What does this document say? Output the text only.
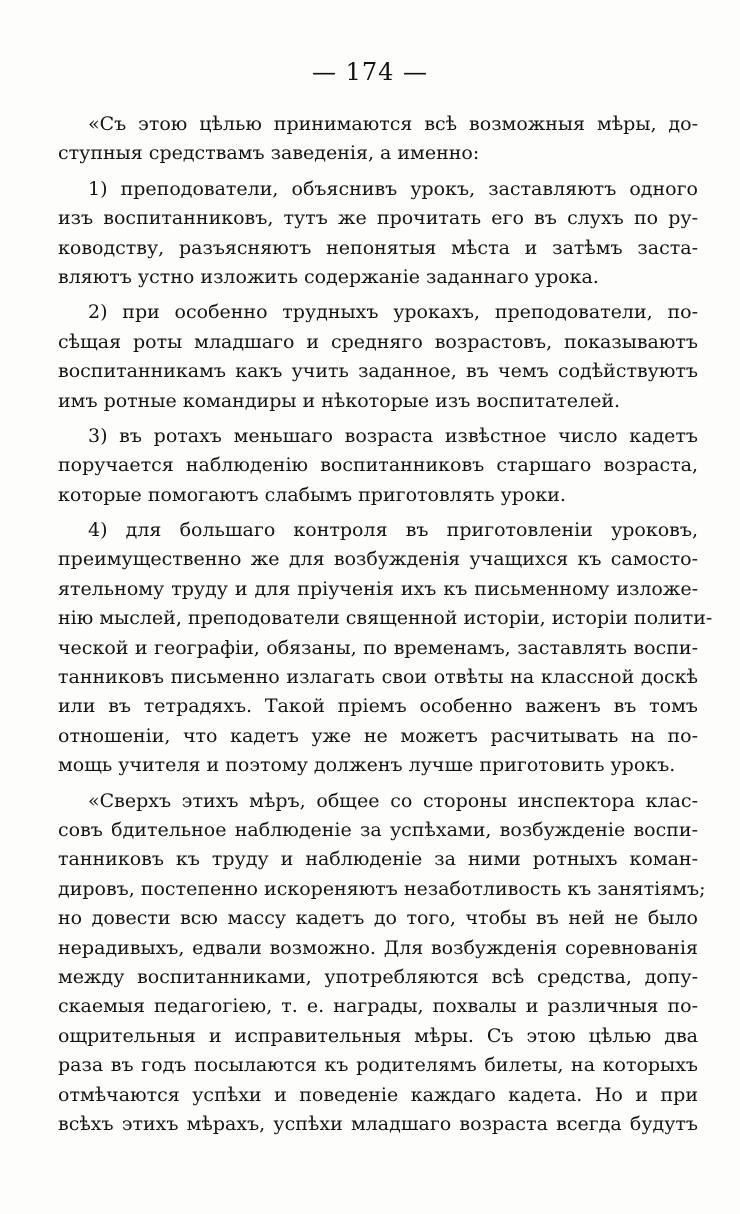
— 174 —
«Съ этою цѣлью принимаются всѣ возможныя мѣры, до-
ступныя средствамъ заведенія, а именно:
1) преподователи, объяснивъ урокъ, заставляютъ одного
изъ воспитанниковъ, тутъ же прочитать его въ слухъ по ру-
ководству, разъясняютъ непонятыя мѣста и затѣмъ заста-
вляютъ устно изложить содержаніе заданнаго урока.
2) при особенно трудныхъ урокахъ, преподователи, по-
сѣщая роты младшаго и средняго возрастовъ, показываютъ
воспитанникамъ какъ учить заданное, въ чемъ содѣйствуютъ
имъ ротные командиры и нѣкоторые изъ воспитателей.
3) въ ротахъ меньшаго возраста извѣстное число кадетъ
поручается наблюденію воспитанниковъ старшаго возраста,
которые помогаютъ слабымъ приготовлять уроки.
4) для большаго контроля въ приготовленіи уроковъ,
преимущественно же для возбужденія учащихся къ самосто-
ятельному труду и для пріученія ихъ къ письменному изложе-
нію мыслей, преподователи священной исторіи, исторіи полити-
ческой и географіи, обязаны, по временамъ, заставлять воспи-
танниковъ письменно излагать свои отвѣты на классной доскѣ
или въ тетрадяхъ. Такой пріемъ особенно важенъ въ томъ
отношеніи, что кадетъ уже не можетъ расчитывать на по-
мощь учителя и поэтому долженъ лучше приготовить урокъ.
«Сверхъ этихъ мѣръ, общее со стороны инспектора клас-
совъ бдительное наблюденіе за успѣхами, возбужденіе воспи-
танниковъ къ труду и наблюденіе за ними ротныхъ коман-
дировъ, постепенно искореняютъ незаботливость къ занятіямъ;
но довести всю массу кадетъ до того, чтобы въ ней не было
нерадивыхъ, едвали возможно. Для возбужденія соревнованія
между воспитанниками, употребляются всѣ средства, допу-
скаемыя педагогіею, т. е. награды, похвалы и различныя по-
ощрительныя и исправительныя мѣры. Съ этою цѣлью два
раза въ годъ посылаются къ родителямъ билеты, на которыхъ
отмѣчаются успѣхи и поведеніе каждаго кадета. Но и при
всѣхъ этихъ мѣрахъ, успѣхи младшаго возраста всегда будутъ
